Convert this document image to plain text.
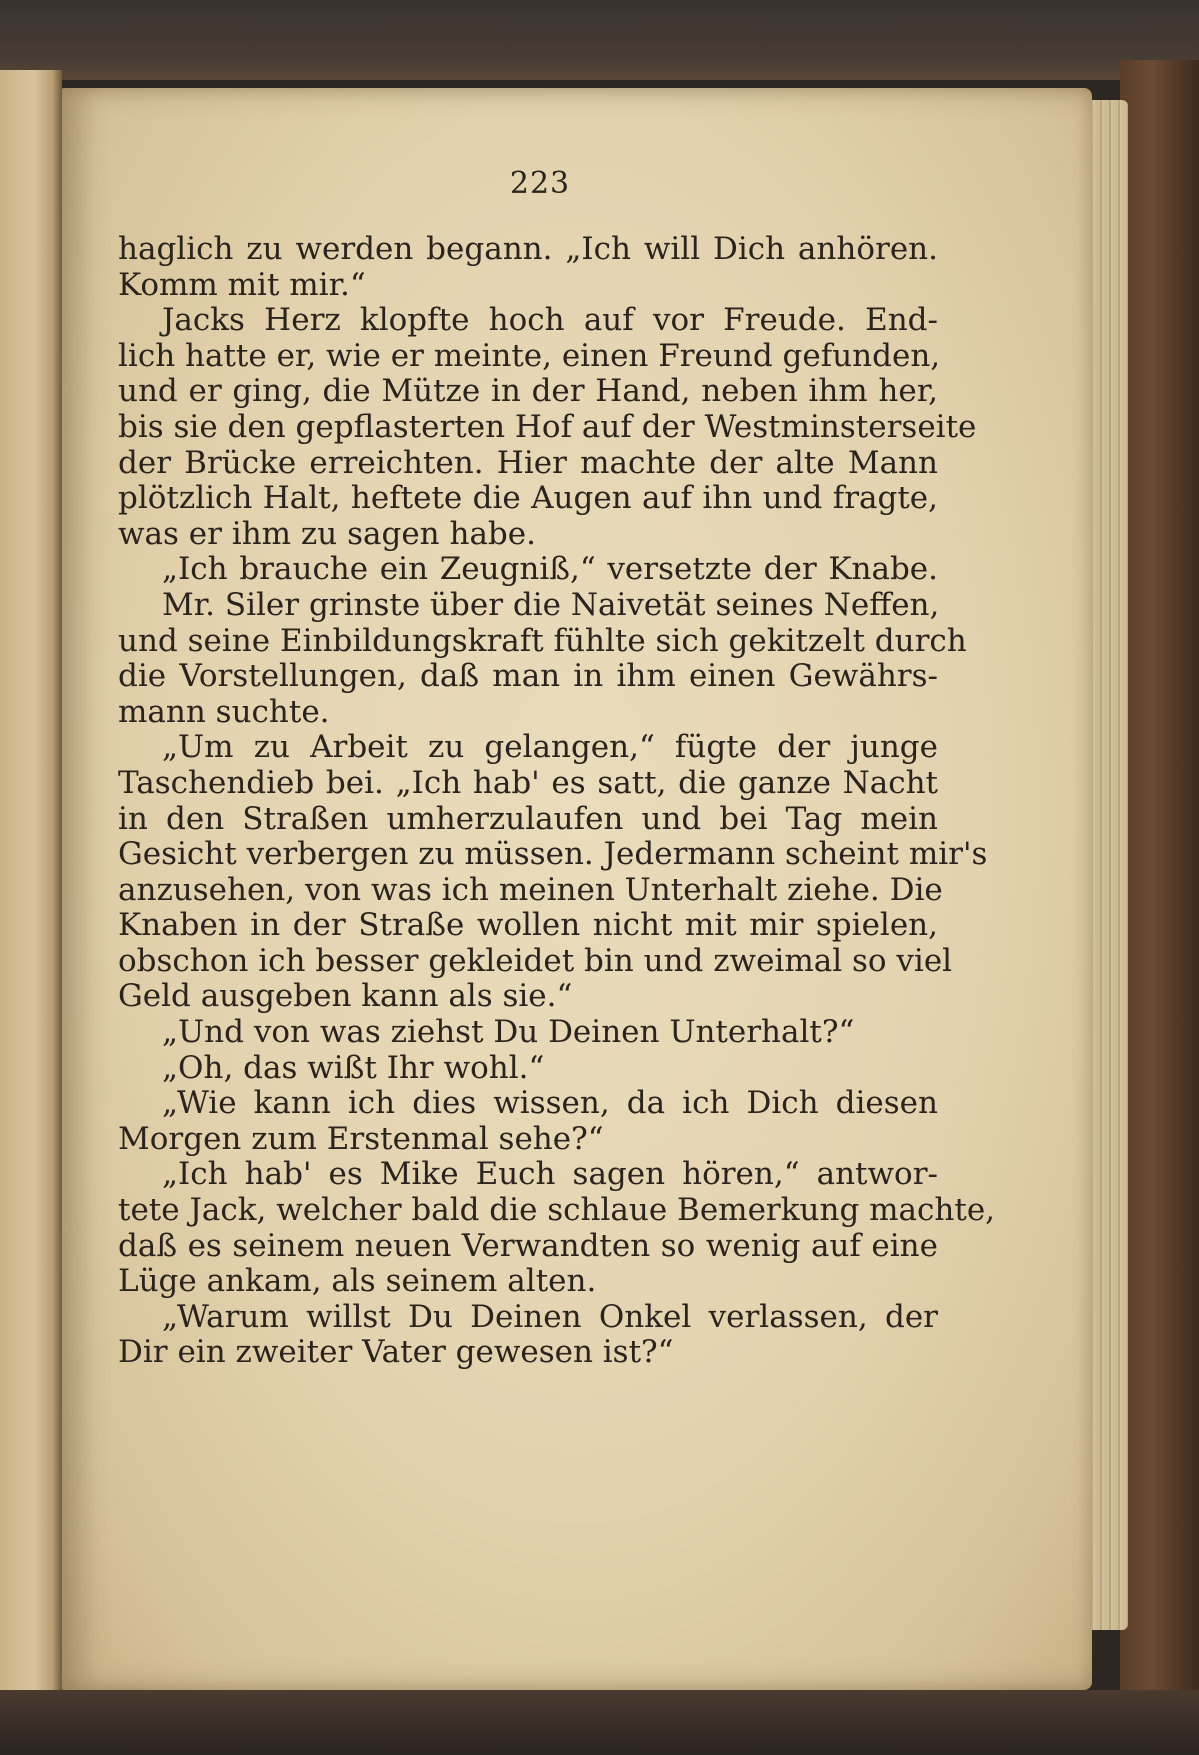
223
haglich zu werden begann. „Ich will Dich anhören.
Komm mit mir.“
Jacks Herz klopfte hoch auf vor Freude. End-
lich hatte er, wie er meinte, einen Freund gefunden,
und er ging, die Mütze in der Hand, neben ihm her,
bis sie den gepflasterten Hof auf der Westminsterseite
der Brücke erreichten. Hier machte der alte Mann
plötzlich Halt, heftete die Augen auf ihn und fragte,
was er ihm zu sagen habe.
„Ich brauche ein Zeugniß,“ versetzte der Knabe.
Mr. Siler grinste über die Naivetät seines Neffen,
und seine Einbildungskraft fühlte sich gekitzelt durch
die Vorstellungen, daß man in ihm einen Gewährs-
mann suchte.
„Um zu Arbeit zu gelangen,“ fügte der junge
Taschendieb bei. „Ich hab' es satt, die ganze Nacht
in den Straßen umherzulaufen und bei Tag mein
Gesicht verbergen zu müssen. Jedermann scheint mir's
anzusehen, von was ich meinen Unterhalt ziehe. Die
Knaben in der Straße wollen nicht mit mir spielen,
obschon ich besser gekleidet bin und zweimal so viel
Geld ausgeben kann als sie.“
„Und von was ziehst Du Deinen Unterhalt?“
„Oh, das wißt Ihr wohl.“
„Wie kann ich dies wissen, da ich Dich diesen
Morgen zum Erstenmal sehe?“
„Ich hab' es Mike Euch sagen hören,“ antwor-
tete Jack, welcher bald die schlaue Bemerkung machte,
daß es seinem neuen Verwandten so wenig auf eine
Lüge ankam, als seinem alten.
„Warum willst Du Deinen Onkel verlassen, der
Dir ein zweiter Vater gewesen ist?“
